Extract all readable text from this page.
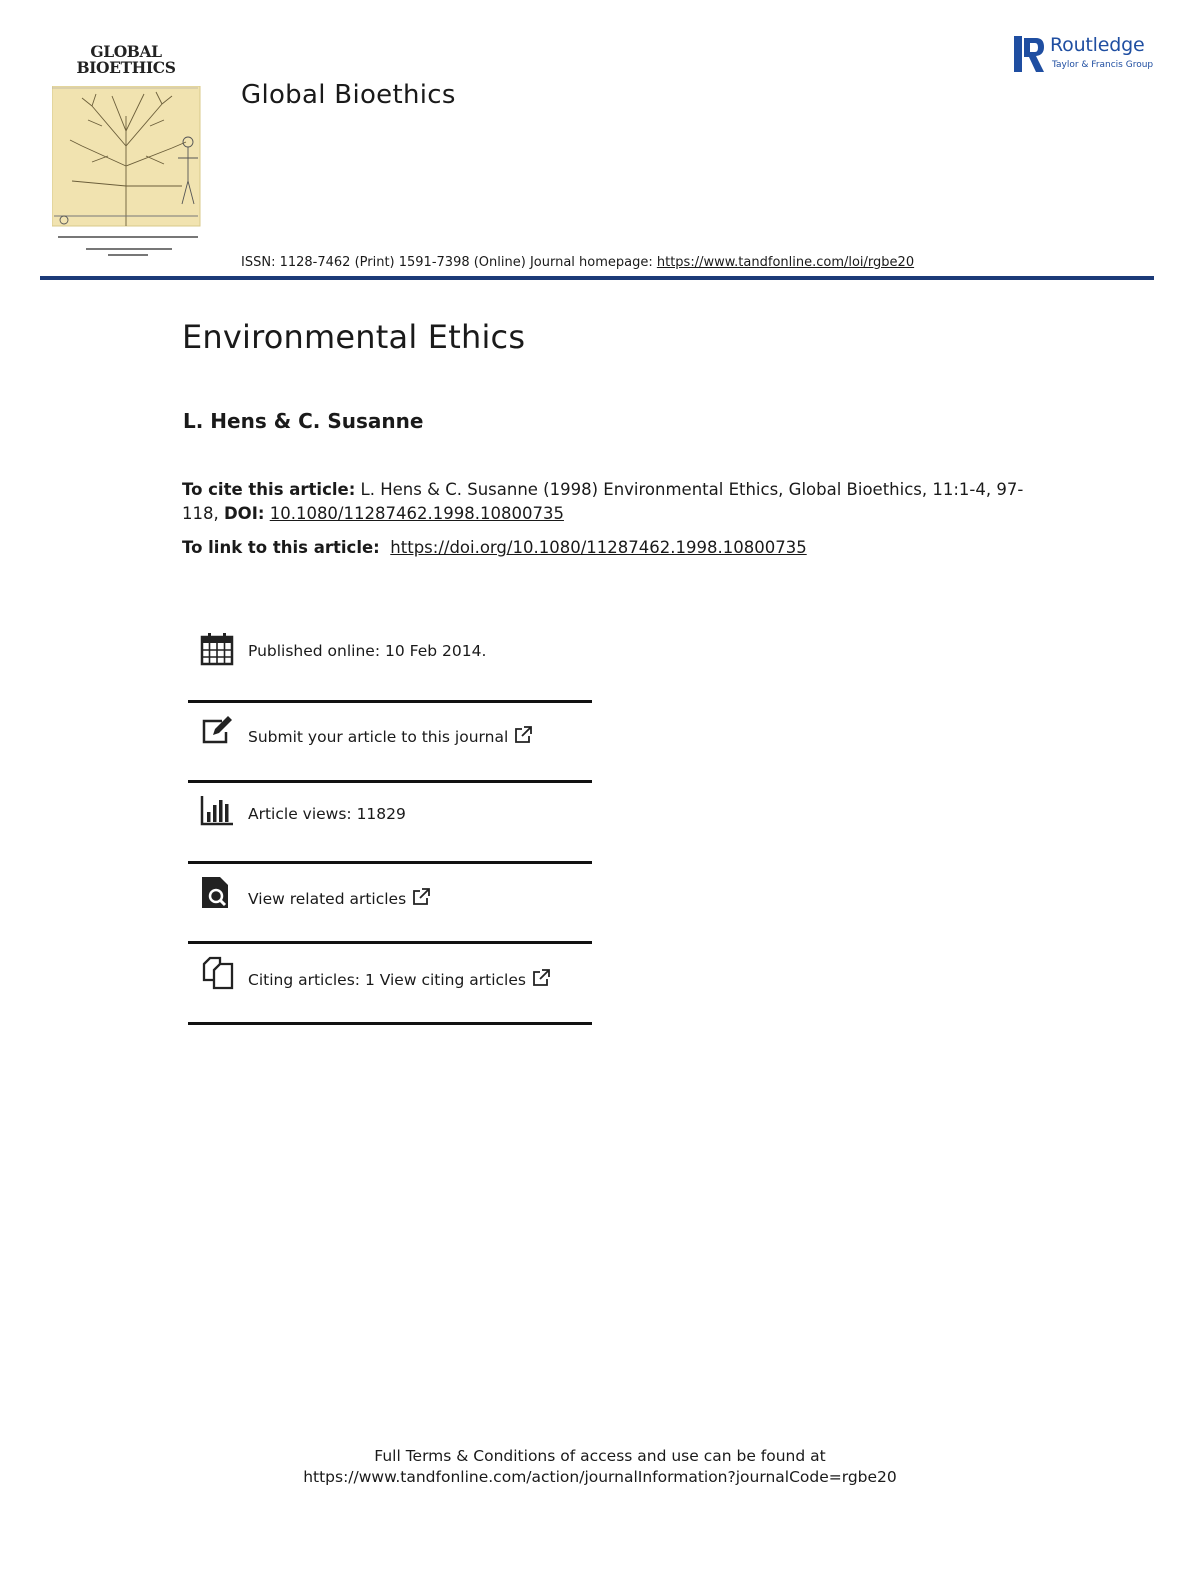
GLOBAL
BIOETHICS
Global Bioethics
ISSN: 1128-7462 (Print) 1591-7398 (Online) Journal homepage: https://www.tandfonline.com/loi/rgbe20
Routledge
Taylor & Francis Group
Environmental Ethics
L. Hens & C. Susanne
To cite this article: L. Hens & C. Susanne (1998) Environmental Ethics, Global Bioethics, 11:1-4, 97-118, DOI: 10.1080/11287462.1998.10800735
To link to this article: https://doi.org/10.1080/11287462.1998.10800735
Published online: 10 Feb 2014.
Submit your article to this journal
Article views: 11829
View related articles
Citing articles: 1 View citing articles
Full Terms & Conditions of access and use can be found at
https://www.tandfonline.com/action/journalInformation?journalCode=rgbe20
